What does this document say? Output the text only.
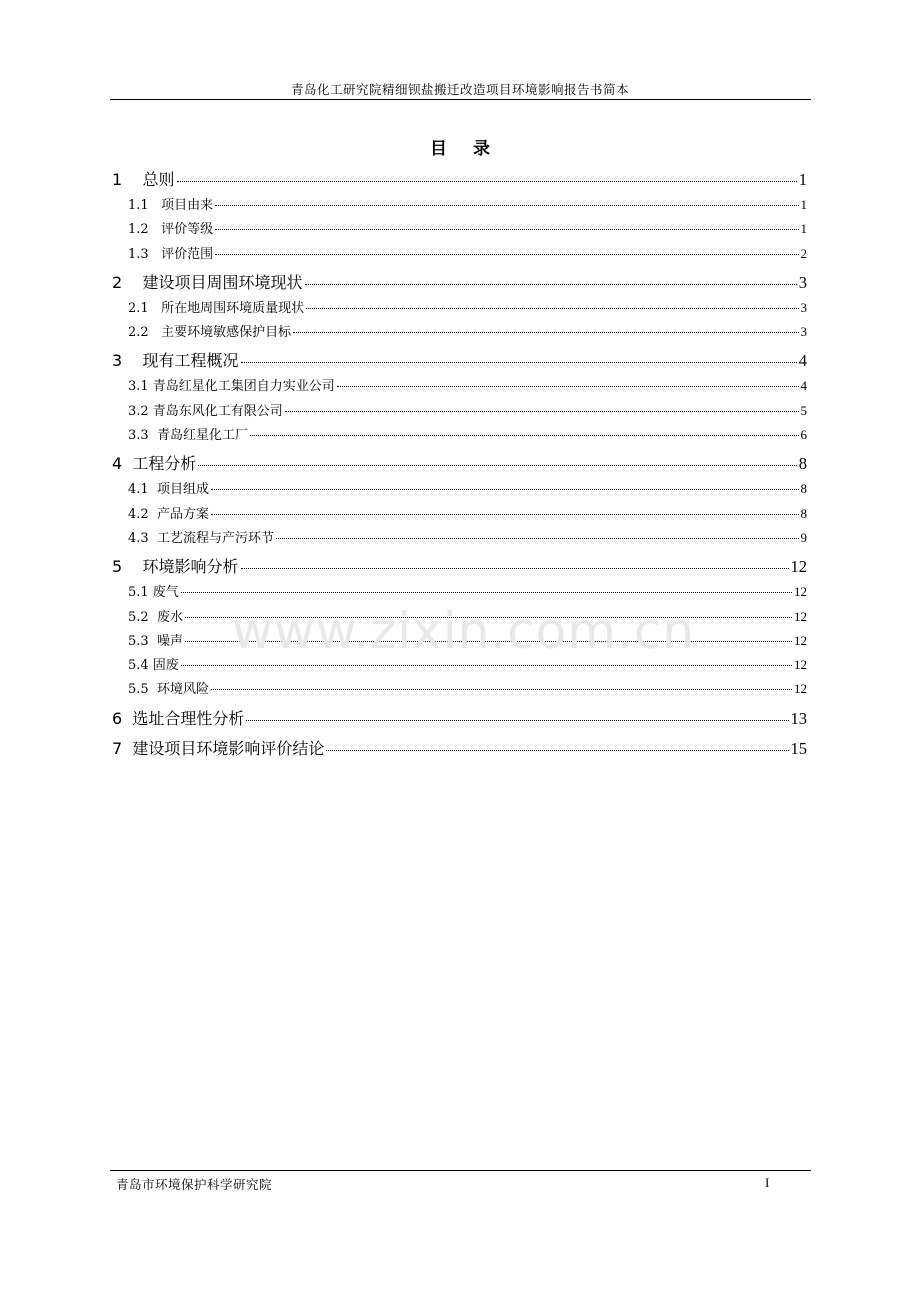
青岛化工研究院精细钡盐搬迁改造项目环境影响报告书简本
目 录
1    总则	1
1.1   项目由来	1
1.2   评价等级	1
1.3   评价范围	2
2    建设项目周围环境现状	3
2.1   所在地周围环境质量现状	3
2.2   主要环境敏感保护目标	3
3    现有工程概况	4
3.1 青岛红星化工集团自力实业公司	4
3.2 青岛东风化工有限公司	5
3.3  青岛红星化工厂	6
4  工程分析	8
4.1  项目组成	8
4.2  产品方案	8
4.3  工艺流程与产污环节	9
5    环境影响分析	12
5.1 废气	12
5.2  废水	12
5.3  噪声	12
5.4 固废	12
5.5  环境风险	12
6  选址合理性分析	13
7  建设项目环境影响评价结论	15
www.zixin.com.cn
青岛市环境保护科学研究院	I
